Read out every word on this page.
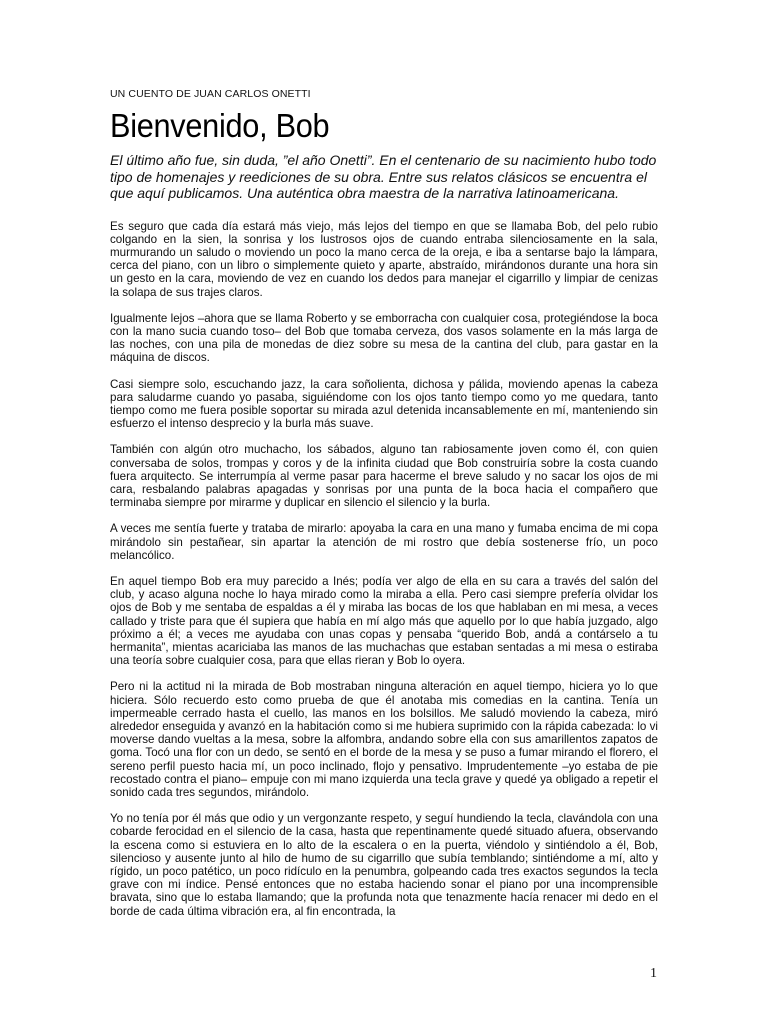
UN CUENTO DE JUAN CARLOS ONETTI
Bienvenido, Bob

El último año fue, sin duda, ”el año Onetti”. En el centenario de su nacimiento hubo todo tipo de homenajes y reediciones de su obra. Entre sus relatos clásicos se encuentra el que aquí publicamos. Una auténtica obra maestra de la narrativa latinoamericana.

Es seguro que cada día estará más viejo, más lejos del tiempo en que se llamaba Bob, del pelo rubio colgando en la sien, la sonrisa y los lustrosos ojos de cuando entraba silenciosamente en la sala, murmurando un saludo o moviendo un poco la mano cerca de la oreja, e iba a sentarse bajo la lámpara, cerca del piano, con un libro o simplemente quieto y aparte, abstraído, mirándonos durante una hora sin un gesto en la cara, moviendo de vez en cuando los dedos para manejar el cigarrillo y limpiar de cenizas la solapa de sus trajes claros.

Igualmente lejos –ahora que se llama Roberto y se emborracha con cualquier cosa, protegiéndose la boca con la mano sucia cuando toso– del Bob que tomaba cerveza, dos vasos solamente en la más larga de las noches, con una pila de monedas de diez sobre su mesa de la cantina del club, para gastar en la máquina de discos.

Casi siempre solo, escuchando jazz, la cara soñolienta, dichosa y pálida, moviendo apenas la cabeza para saludarme cuando yo pasaba, siguiéndome con los ojos tanto tiempo como yo me quedara, tanto tiempo como me fuera posible soportar su mirada azul detenida incansablemente en mí, manteniendo sin esfuerzo el intenso desprecio y la burla más suave.

También con algún otro muchacho, los sábados, alguno tan rabiosamente joven como él, con quien conversaba de solos, trompas y coros y de la infinita ciudad que Bob construiría sobre la costa cuando fuera arquitecto. Se interrumpía al verme pasar para hacerme el breve saludo y no sacar los ojos de mi cara, resbalando palabras apagadas y sonrisas por una punta de la boca hacia el compañero que terminaba siempre por mirarme y duplicar en silencio el silencio y la burla.

A veces me sentía fuerte y trataba de mirarlo: apoyaba la cara en una mano y fumaba encima de mi copa mirándolo sin pestañear, sin apartar la atención de mi rostro que debía sostenerse frío, un poco melancólico.

En aquel tiempo Bob era muy parecido a Inés; podía ver algo de ella en su cara a través del salón del club, y acaso alguna noche lo haya mirado como la miraba a ella. Pero casi siempre prefería olvidar los ojos de Bob y me sentaba de espaldas a él y miraba las bocas de los que hablaban en mi mesa, a veces callado y triste para que él supiera que había en mí algo más que aquello por lo que había juzgado, algo próximo a él; a veces me ayudaba con unas copas y pensaba “querido Bob, andá a contárselo a tu hermanita”, mientas acariciaba las manos de las muchachas que estaban sentadas a mi mesa o estiraba una teoría sobre cualquier cosa, para que ellas rieran y Bob lo oyera.

Pero ni la actitud ni la mirada de Bob mostraban ninguna alteración en aquel tiempo, hiciera yo lo que hiciera. Sólo recuerdo esto como prueba de que él anotaba mis comedias en la cantina. Tenía un impermeable cerrado hasta el cuello, las manos en los bolsillos. Me saludó moviendo la cabeza, miró alrededor enseguida y avanzó en la habitación como si me hubiera suprimido con la rápida cabezada: lo vi moverse dando vueltas a la mesa, sobre la alfombra, andando sobre ella con sus amarillentos zapatos de goma. Tocó una flor con un dedo, se sentó en el borde de la mesa y se puso a fumar mirando el florero, el sereno perfil puesto hacia mí, un poco inclinado, flojo y pensativo. Imprudentemente –yo estaba de pie recostado contra el piano– empuje con mi mano izquierda una tecla grave y quedé ya obligado a repetir el sonido cada tres segundos, mirándolo.

Yo no tenía por él más que odio y un vergonzante respeto, y seguí hundiendo la tecla, clavándola con una cobarde ferocidad en el silencio de la casa, hasta que repentinamente quedé situado afuera, observando la escena como si estuviera en lo alto de la escalera o en la puerta, viéndolo y sintiéndolo a él, Bob, silencioso y ausente junto al hilo de humo de su cigarrillo que subía temblando; sintiéndome a mí, alto y rígido, un poco patético, un poco ridículo en la penumbra, golpeando cada tres exactos segundos la tecla grave con mi índice. Pensé entonces que no estaba haciendo sonar el piano por una incomprensible bravata, sino que lo estaba llamando; que la profunda nota que tenazmente hacía renacer mi dedo en el borde de cada última vibración era, al fin encontrada, la

1
